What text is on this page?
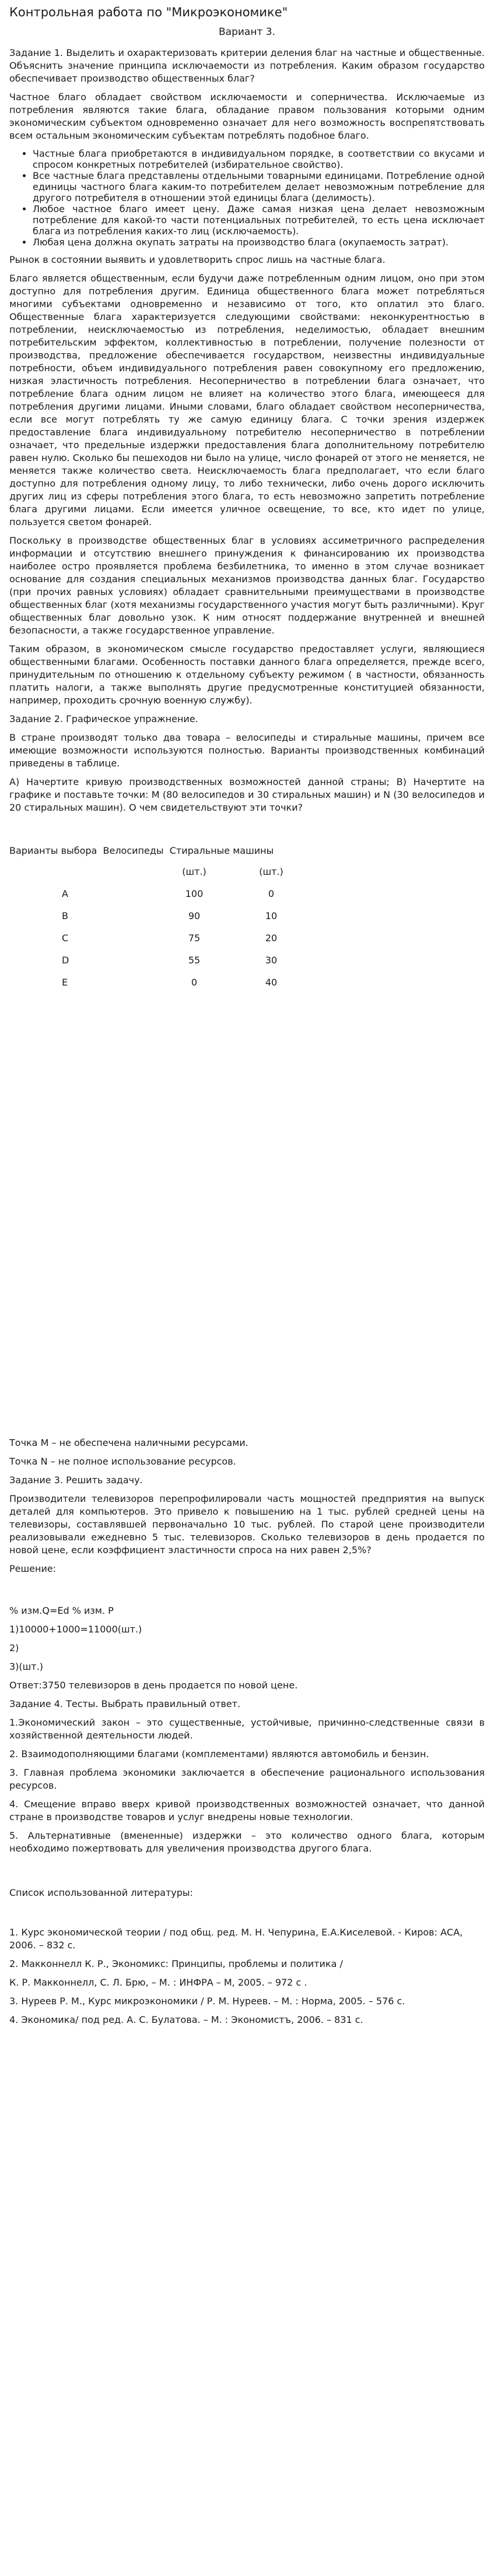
Контрольная работа по "Микроэкономике"
Вариант 3.

Задание 1. Выделить и охарактеризовать критерии деления благ на частные и общественные. Объяснить значение принципа исключаемости из потребления. Каким образом государство обеспечивает производство общественных благ?

Частное благо обладает свойством исключаемости и соперничества. Исключаемые из потребления являются такие блага, обладание правом пользования которыми одним экономическим субъектом одновременно означает для него возможность воспрепятствовать всем остальным экономическим субъектам потреблять подобное благо.

• Частные блага приобретаются в индивидуальном порядке, в соответствии со вкусами и спросом конкретных потребителей (избирательное свойство).
• Все частные блага представлены отдельными товарными единицами. Потребление одной единицы частного блага каким-то потребителем делает невозможным потребление для другого потребителя в отношении этой единицы блага (делимость).
• Любое частное благо имеет цену. Даже самая низкая цена делает невозможным потребление для какой-то части потенциальных потребителей, то есть цена исключает блага из потребления каких-то лиц (исключаемость).
• Любая цена должна окупать затраты на производство блага (окупаемость затрат).

Рынок в состоянии выявить и удовлетворить спрос лишь на частные блага.

Благо является общественным, если будучи даже потребленным одним лицом, оно при этом доступно для потребления другим. Единица общественного блага может потребляться многими субъектами одновременно и независимо от того, кто оплатил это благо. Общественные блага характеризуется следующими свойствами: неконкурентностью в потреблении, неисключаемостью из потребления, неделимостью, обладает внешним потребительским эффектом, коллективностью в потреблении, получение полезности от производства, предложение обеспечивается государством, неизвестны индивидуальные потребности, объем индивидуального потребления равен совокупному его предложению, низкая эластичность потребления. Несоперничество в потреблении блага означает, что потребление блага одним лицом не влияет на количество этого блага, имеющееся для потребления другими лицами. Иными словами, благо обладает свойством несоперничества, если все могут потреблять ту же самую единицу блага. С точки зрения издержек предоставление блага индивидуальному потребителю несоперничество в потреблении означает, что предельные издержки предоставления блага дополнительному потребителю равен нулю. Сколько бы пешеходов ни было на улице, число фонарей от этого не меняется, не меняется также количество света. Неисключаемость блага предполагает, что если благо доступно для потребления одному лицу, то либо технически, либо очень дорого исключить других лиц из сферы потребления этого блага, то есть невозможно запретить потребление блага другими лицами. Если имеется уличное освещение, то все, кто идет по улице, пользуется светом фонарей.

Поскольку в производстве общественных благ в условиях ассиметричного распределения информации и отсутствию внешнего принуждения к финансированию их производства наиболее остро проявляется проблема безбилетника, то именно в этом случае возникает основание для создания специальных механизмов производства данных благ. Государство (при прочих равных условиях) обладает сравнительными преимуществами в производстве общественных благ (хотя механизмы государственного участия могут быть различными). Круг общественных благ довольно узок. К ним относят поддержание внутренней и внешней безопасности, а также государственное управление.

Таким образом, в экономическом смысле государство предоставляет услуги, являющиеся общественными благами. Особенность поставки данного блага определяется, прежде всего, принудительным по отношению к отдельному субъекту режимом ( в частности, обязанность платить налоги, а также выполнять другие предусмотренные конституцией обязанности, например, проходить срочную военную службу).

Задание 2. Графическое упражнение.

В стране производят только два товара – велосипеды и стиральные машины, причем все имеющие возможности используются полностью. Варианты производственных комбинаций приведены в таблице.

А) Начертите кривую производственных возможностей данной страны; В) Начертите на графике и поставьте точки: М (80 велосипедов и 30 стиральных машин) и N (30 велосипедов и 20 стиральных машин). О чем свидетельствуют эти точки?

Варианты выбора Велосипеды Стиральные машины
	(шт.)	(шт.)
A	100	0
B	90	10
C	75	20
D	55	30
E	0	40

Точка М – не обеспечена наличными ресурсами.

Точка N – не полное использование ресурсов.

Задание 3. Решить задачу.

Производители телевизоров перепрофилировали часть мощностей предприятия на выпуск деталей для компьютеров. Это привело к повышению на 1 тыс. рублей средней цены на телевизоры, составлявшей первоначально 10 тыс. рублей. По старой цене производители реализовывали ежедневно 5 тыс. телевизоров. Сколько телевизоров в день продается по новой цене, если коэффициент эластичности спроса на них равен 2,5%?

Решение:

% изм.Q=Ed % изм. P

1)10000+1000=11000(шт.)

2)

3)(шт.)

Ответ:3750 телевизоров в день продается по новой цене.

Задание 4. Тесты. Выбрать правильный ответ.

1.Экономический закон – это существенные, устойчивые, причинно-следственные связи в хозяйственной деятельности людей.

2. Взаимодополняющими благами (комплементами) являются автомобиль и бензин.

3. Главная проблема экономики заключается в обеспечение рационального использования ресурсов.

4. Смещение вправо вверх кривой производственных возможностей означает, что данной стране в производстве товаров и услуг внедрены новые технологии.

5. Альтернативные (вмененные) издержки – это количество одного блага, которым необходимо пожертвовать для увеличения производства другого блага.

Список использованной литературы:

1. Курс экономической теории / под общ. ред. М. Н. Чепурина, Е.А.Киселевой. - Киров: АСА, 2006. – 832 с.

2. Макконнелл К. Р., Экономикс: Принципы, проблемы и политика /

К. Р. Макконнелл, С. Л. Брю, – М. : ИНФРА – М, 2005. – 972 с .

3. Нуреев Р. М., Курс микроэкономики / Р. М. Нуреев. – М. : Норма, 2005. – 576 с.

4. Экономика/ под ред. А. С. Булатова. – М. : Экономистъ, 2006. – 831 с.
